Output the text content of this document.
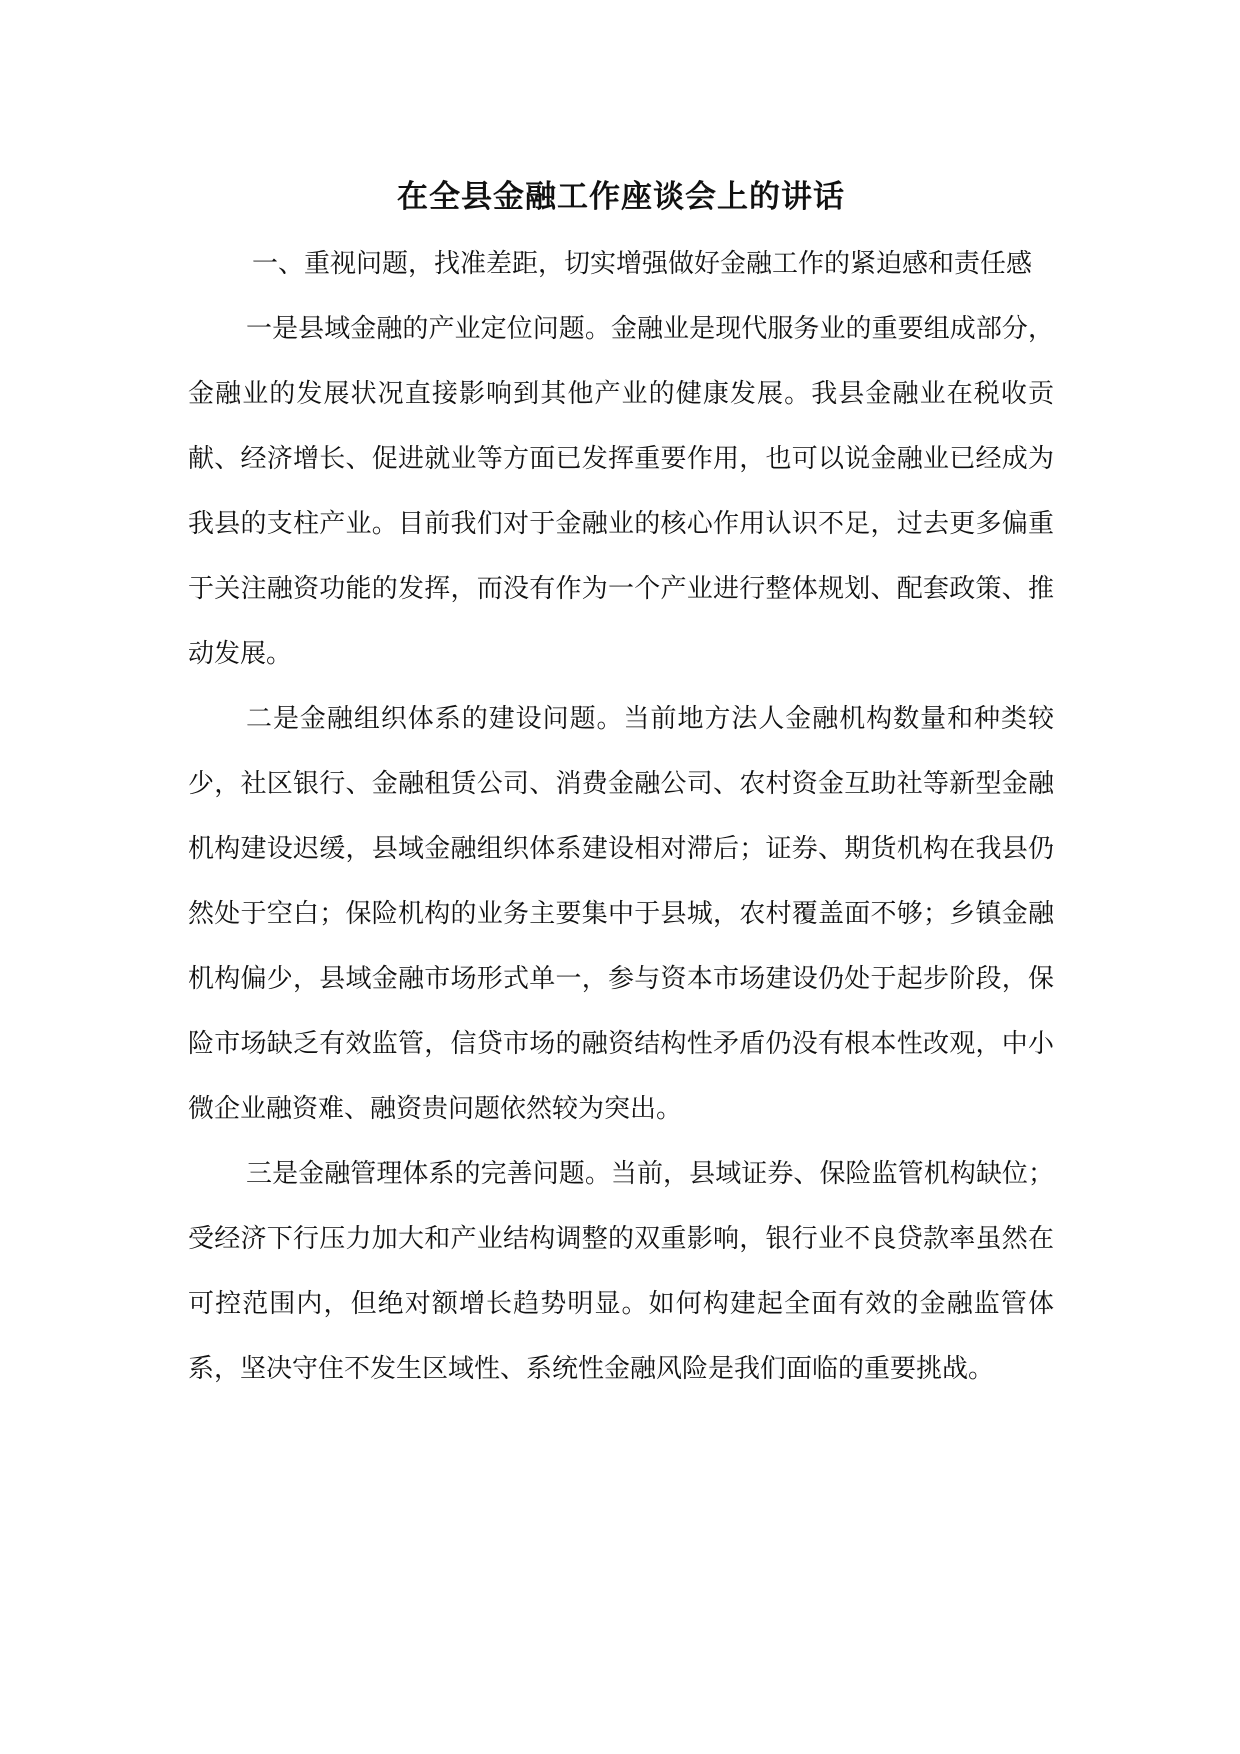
在全县金融工作座谈会上的讲话

一、重视问题，找准差距，切实增强做好金融工作的紧迫感和责任感

一是县域金融的产业定位问题。金融业是现代服务业的重要组成部分，金融业的发展状况直接影响到其他产业的健康发展。我县金融业在税收贡献、经济增长、促进就业等方面已发挥重要作用，也可以说金融业已经成为我县的支柱产业。目前我们对于金融业的核心作用认识不足，过去更多偏重于关注融资功能的发挥，而没有作为一个产业进行整体规划、配套政策、推动发展。

二是金融组织体系的建设问题。当前地方法人金融机构数量和种类较少，社区银行、金融租赁公司、消费金融公司、农村资金互助社等新型金融机构建设迟缓，县域金融组织体系建设相对滞后；证券、期货机构在我县仍然处于空白；保险机构的业务主要集中于县城，农村覆盖面不够；乡镇金融机构偏少，县域金融市场形式单一，参与资本市场建设仍处于起步阶段，保险市场缺乏有效监管，信贷市场的融资结构性矛盾仍没有根本性改观，中小微企业融资难、融资贵问题依然较为突出。

三是金融管理体系的完善问题。当前，县域证券、保险监管机构缺位；受经济下行压力加大和产业结构调整的双重影响，银行业不良贷款率虽然在可控范围内，但绝对额增长趋势明显。如何构建起全面有效的金融监管体系，坚决守住不发生区域性、系统性金融风险是我们面临的重要挑战。
